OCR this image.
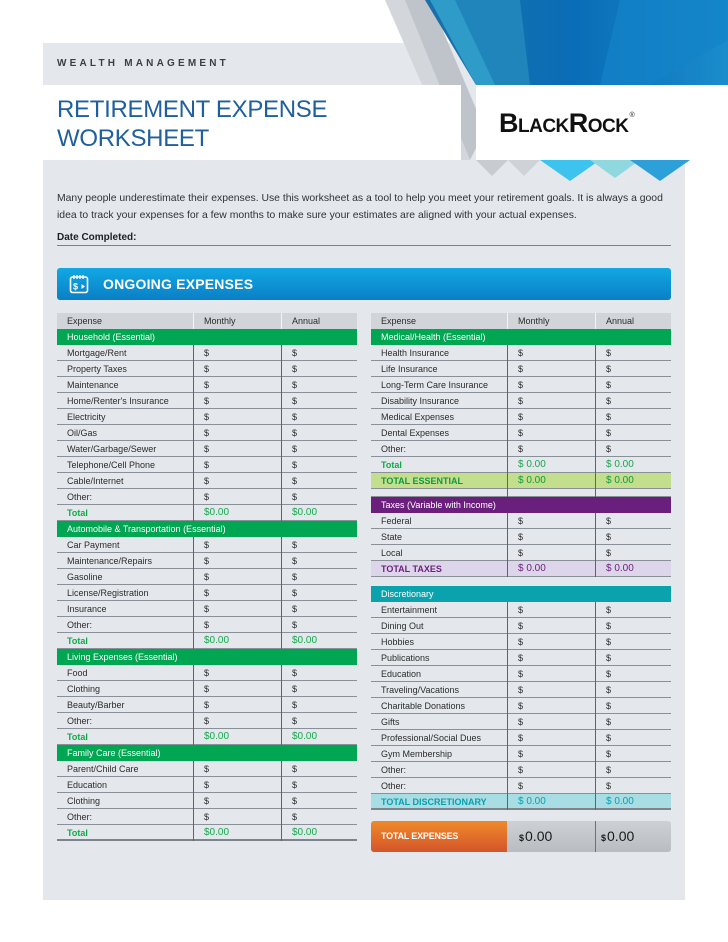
WEALTH MANAGEMENT
RETIREMENT EXPENSE
WORKSHEET
BlackRock®

Many people underestimate their expenses. Use this worksheet as a tool to help you meet your retirement goals. It is always a good idea to track your expenses for a few months to make sure your estimates are aligned with your actual expenses.

Date Completed:
$ ONGOING EXPENSES
Expense	Monthly	Annual
Household (Essential)
Mortgage/Rent	$	$
Property Taxes	$	$
Maintenance	$	$
Home/Renter's Insurance	$	$
Electricity	$	$
Oil/Gas	$	$
Water/Garbage/Sewer	$	$
Telephone/Cell Phone	$	$
Cable/Internet	$	$
Other:	$	$
Total	$0.00	$0.00
Automobile & Transportation (Essential)
Car Payment	$	$
Maintenance/Repairs	$	$
Gasoline	$	$
License/Registration	$	$
Insurance	$	$
Other:	$	$
Total	$0.00	$0.00
Living Expenses (Essential)
Food	$	$
Clothing	$	$
Beauty/Barber	$	$
Other:	$	$
Total	$0.00	$0.00
Family Care (Essential)
Parent/Child Care	$	$
Education	$	$
Clothing	$	$
Other:	$	$
Total	$0.00	$0.00
Expense	Monthly	Annual
Medical/Health (Essential)
Health Insurance	$	$
Life Insurance	$	$
Long-Term Care Insurance	$	$
Disability Insurance	$	$
Medical Expenses	$	$
Dental Expenses	$	$
Other:	$	$
Total	$ 0.00	$ 0.00
TOTAL ESSENTIAL	$ 0.00	$ 0.00
Taxes (Variable with Income)
Federal	$	$
State	$	$
Local	$	$
TOTAL TAXES	$ 0.00	$ 0.00
Discretionary
Entertainment	$	$
Dining Out	$	$
Hobbies	$	$
Publications	$	$
Education	$	$
Traveling/Vacations	$	$
Charitable Donations	$	$
Gifts	$	$
Professional/Social Dues	$	$
Gym Membership	$	$
Other:	$	$
Other:	$	$
TOTAL DISCRETIONARY	$ 0.00	$ 0.00
TOTAL EXPENSES	$0.00	$0.00
